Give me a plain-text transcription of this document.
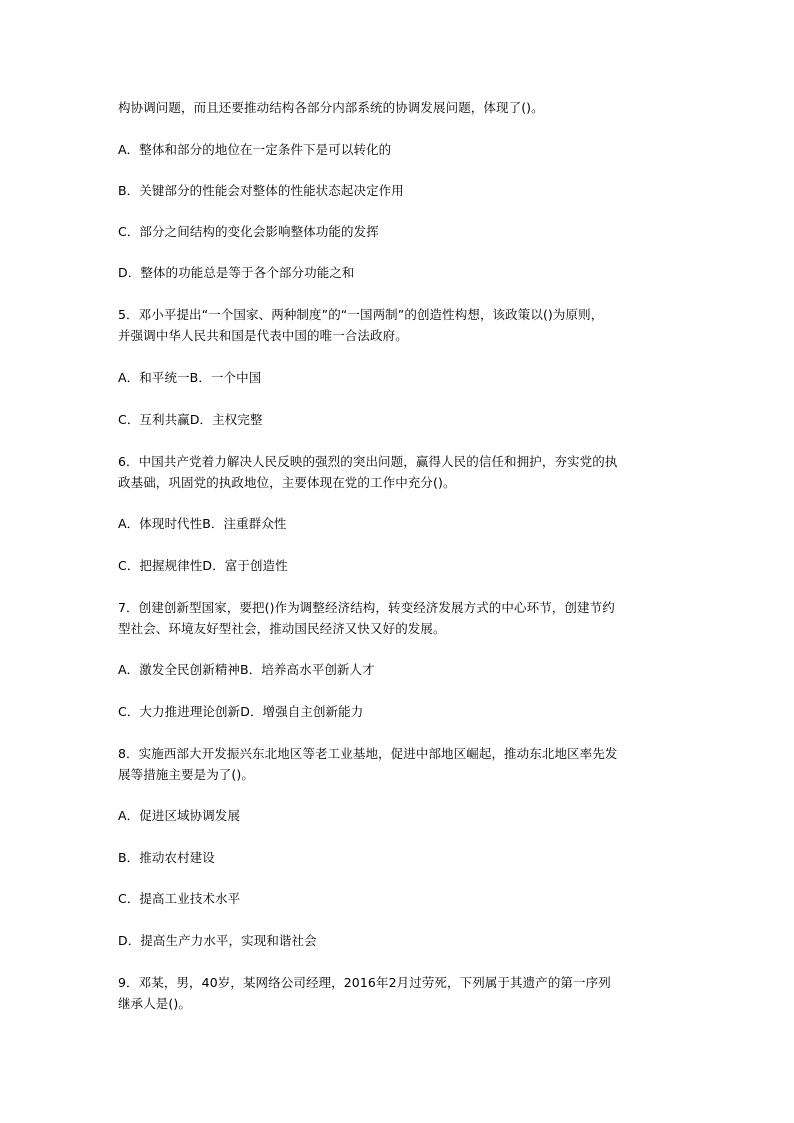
构协调问题，而且还要推动结构各部分内部系统的协调发展问题，体现了()。
A．整体和部分的地位在一定条件下是可以转化的
B．关键部分的性能会对整体的性能状态起决定作用
C．部分之间结构的变化会影响整体功能的发挥
D．整体的功能总是等于各个部分功能之和
5．邓小平提出“一个国家、两种制度”的“一国两制”的创造性构想，该政策以()为原则，
并强调中华人民共和国是代表中国的唯一合法政府。
A．和平统一B．一个中国
C．互利共赢D．主权完整
6．中国共产党着力解决人民反映的强烈的突出问题，赢得人民的信任和拥护，夯实党的执
政基础，巩固党的执政地位，主要体现在党的工作中充分()。
A．体现时代性B．注重群众性
C．把握规律性D．富于创造性
7．创建创新型国家，要把()作为调整经济结构，转变经济发展方式的中心环节，创建节约
型社会、环境友好型社会，推动国民经济又快又好的发展。
A．激发全民创新精神B．培养高水平创新人才
C．大力推进理论创新D．增强自主创新能力
8．实施西部大开发振兴东北地区等老工业基地，促进中部地区崛起，推动东北地区率先发
展等措施主要是为了()。
A．促进区域协调发展
B．推动农村建设
C．提高工业技术水平
D．提高生产力水平，实现和谐社会
9．邓某，男，40岁，某网络公司经理，2016年2月过劳死，下列属于其遗产的第一序列
继承人是()。
